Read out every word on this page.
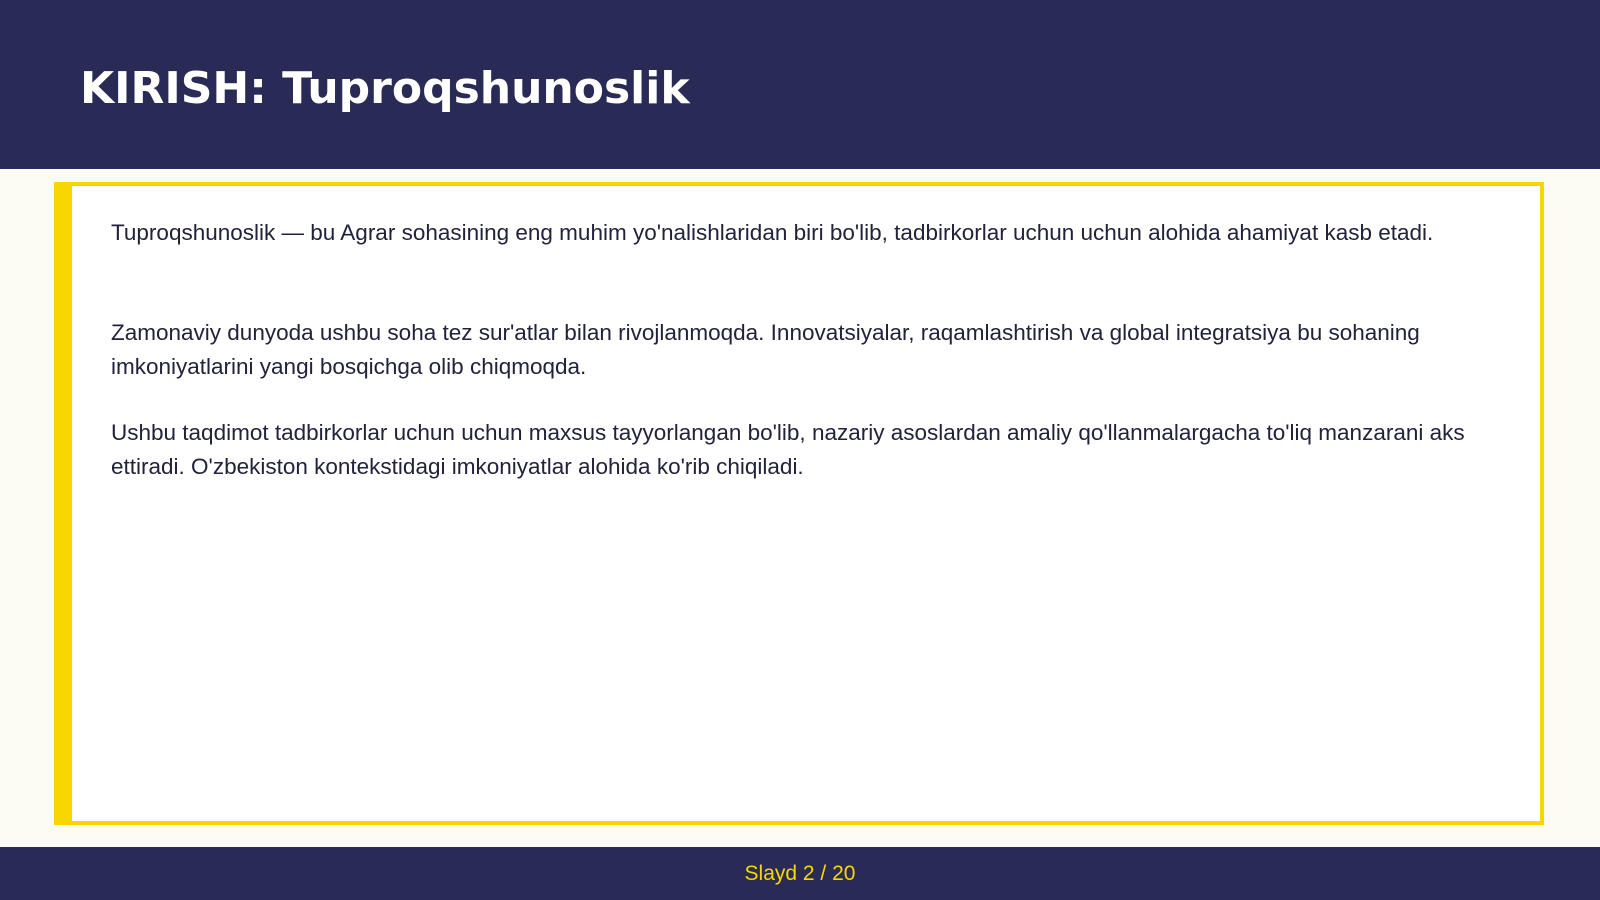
KIRISH: Tuproqshunoslik

Tuproqshunoslik — bu Agrar sohasining eng muhim yo'nalishlaridan biri bo'lib, tadbirkorlar uchun uchun alohida ahamiyat kasb etadi.

Zamonaviy dunyoda ushbu soha tez sur'atlar bilan rivojlanmoqda. Innovatsiyalar, raqamlashtirish va global integratsiya bu sohaning imkoniyatlarini yangi bosqichga olib chiqmoqda.

Ushbu taqdimot tadbirkorlar uchun uchun maxsus tayyorlangan bo'lib, nazariy asoslardan amaliy qo'llanmalargacha to'liq manzarani aks ettiradi. O'zbekiston kontekstidagi imkoniyatlar alohida ko'rib chiqiladi.

Slayd 2 / 20
